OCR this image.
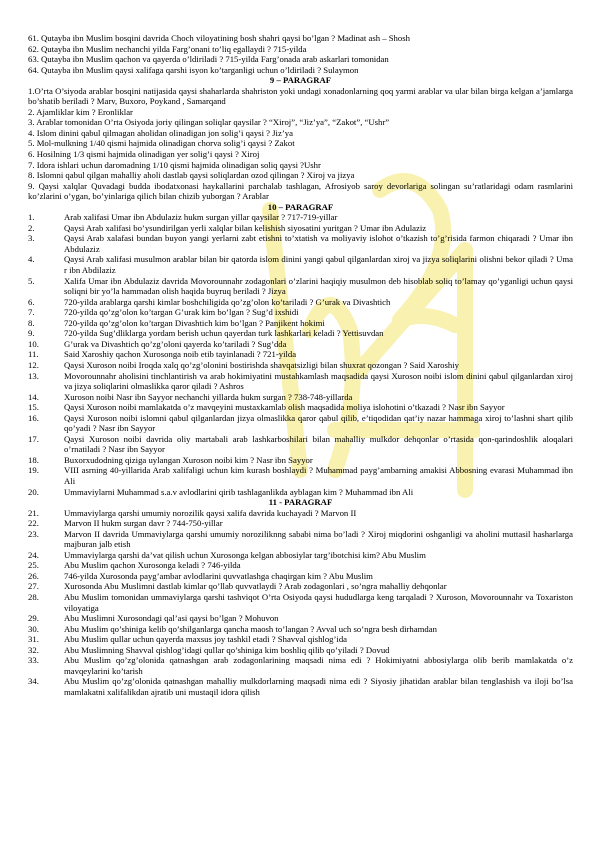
61. Qutayba ibn Muslim bosqini davrida Choch viloyatining bosh shahri qaysi bo’lgan ? Madinat ash – Shosh
62. Qutayba ibn Muslim nechanchi yilda Farg’onani to’liq egallaydi ? 715-yilda
63. Qutayba ibn Muslim qachon va qayerda o’ldiriladi ? 715-yilda Farg’onada arab askarlari tomonidan
64. Qutayba ibn Muslim qaysi xalifaga qarshi isyon ko’targanligi uchun o’ldiriladi ? Sulaymon
9 – PARAGRAF
1.O’rta O’siyoda arablar bosqini natijasida qaysi shaharlarda shahriston yoki undagi xonadonlarning qoq yarmi arablar va ular bilan birga kelgan a’jamlarga bo’shatib beriladi ? Marv, Buxoro, Poykand , Samarqand
2. Ajamliklar kim ? Eronliklar
3. Arablar tomonidan O’rta Osiyoda joriy qilingan soliqlar qaysilar ? “Xiroj”, “Jiz’ya”, “Zakot”, “Ushr”
4. Islom dinini qabul qilmagan aholidan olinadigan jon solig’i qaysi ? Jiz’ya
5. Mol-mulkning 1/40 qismi hajmida olinadigan chorva solig’i qaysi ? Zakot
6. Hosilning 1/3 qismi hajmida olinadigan yer solig’i qaysi ? Xiroj
7. Idora ishlari uchun daromadning 1/10 qismi hajmida olinadigan soliq qaysi ?Ushr
8. Islomni qabul qilgan mahalliy aholi dastlab qaysi soliqlardan ozod qilingan ? Xiroj va jizya
9. Qaysi xalqlar Quvadagi budda ibodatxonasi haykallarini parchalab tashlagan, Afrosiyob saroy devorlariga solingan su’ratlaridagi odam rasmlarini ko’zlarini o’ygan, bo’yinlariga qilich bilan chizib yuborgan ? Arablar
10 – PARAGRAF
1.	Arab xalifasi Umar ibn Abdulaziz hukm surgan yillar qaysilar ? 717-719-yillar
2.	Qaysi Arab xalifasi bo’ysundirilgan yerli xalqlar bilan kelishish siyosatini yuritgan ? Umar ibn Adulaziz
3.	Qaysi Arab xalafasi bundan buyon yangi yerlarni zabt etishni to’xtatish va moliyaviy islohot o’tkazish to’g’risida farmon chiqaradi ? Umar ibn Abdulaziz
4.	Qaysi Arab xalifasi musulmon arablar bilan bir qatorda islom dinini yangi qabul qilganlardan xiroj va jizya soliqlarini olishni bekor qiladi ? Uma r ibn Abdilaziz
5.	Xalifa Umar ibn Abdulaziz davrida Movorounnahr zodagonlari o’zlarini haqiqiy musulmon deb hisoblab soliq to’lamay qo’yganligi uchun qaysi soliqni bir yo’la hammadan olish haqida buyruq beriladi ? Jizya
6.	720-yilda arablarga qarshi kimlar boshchiligida qo’zg’olon ko’tariladi ? G’urak va Divashtich
7.	720-yilda qo’zg’olon ko’targan G’urak kim bo’lgan ? Sug’d ixshidi
8.	720-yilda qo’zg’olon ko’targan Divashtich kim bo’lgan ? Panjikent hokimi
9.	720-yilda Sug’dliklarga yordam berish uchun qayerdan turk lashkarlari keladi ? Yettisuvdan
10.	G’urak va Divashtich qo’zg’oloni qayerda ko’tariladi ? Sug’dda
11.	Said Xaroshiy qachon Xurosonga noib etib tayinlanadi ? 721-yilda
12.	Qaysi Xuroson noibi Iroqda xalq qo’zg’olonini bostirishda shavqatsizligi bilan shuxrat qozongan ? Said Xaroshiy
13.	Movorounnahr aholisini tinchlantirish va arab hokimiyatini mustahkamlash maqsadida qaysi Xuroson noibi islom dinini qabul qilganlardan xiroj va jizya soliqlarini olmaslikka qaror qiladi ? Ashros
14.	Xuroson noibi Nasr ibn Sayyor nechanchi yillarda hukm surgan ? 738-748-yillarda
15.	Qaysi Xuroson noibi mamlakatda o’z mavqeyini mustaxkamlab olish maqsadida moliya islohotini o’tkazadi ? Nasr ibn Sayyor
16.	Qaysi Xuroson noibi islomni qabul qilganlardan jizya olmaslikka qaror qabul qilib, e’tiqodidan qat’iy nazar hammaga xiroj to’lashni shart qilib qo’yadi ? Nasr ibn Sayyor
17.	Qaysi Xuroson noibi davrida oliy martabali arab lashkarboshilari bilan mahalliy mulkdor dehqonlar o’rtasida qon-qarindoshlik aloqalari o’rnatiladi ? Nasr ibn Sayyor
18.	Buxorxudodning qiziga uylangan Xuroson noibi kim ? Nasr ibn Sayyor
19.	VIII asrning 40-yillarida Arab xalifaligi uchun kim kurash boshlaydi ? Muhammad payg’ambarning amakisi Abbosning evarasi Muhammad ibn Ali
20.	Ummaviylarni Muhammad s.a.v avlodlarini qirib tashlaganlikda ayblagan kim ? Muhammad ibn Ali
11 - PARAGRAF
21.	Ummaviylarga qarshi umumiy norozilik qaysi xalifa davrida kuchayadi ? Marvon II
22.	Marvon II hukm surgan davr ? 744-750-yillar
23.	Marvon II davrida Ummaviylarga qarshi umumiy noroziliknng sababi nima bo’ladi ? Xiroj miqdorini oshganligi va aholini muttasil hasharlarga majburan jalb etish
24.	Ummaviylarga qarshi da’vat qilish uchun Xurosonga kelgan abbosiylar targ’ibotchisi kim? Abu Muslim
25.	Abu Muslim qachon Xurosonga keladi ? 746-yilda
26.	746-yilda Xurosonda payg’ambar avlodlarini quvvatlashga chaqirgan kim ? Abu Muslim
27.	Xurosonda Abu Muslimni dastlab kimlar qo’llab quvvatlaydi ? Arab zodagonlari , so’ngra mahalliy dehqonlar
28.	Abu Muslim tomonidan ummaviylarga qarshi tashviqot O’rta Osiyoda qaysi hududlarga keng tarqaladi ? Xuroson, Movorounnahr va Toxariston viloyatiga
29.	Abu Muslimni Xurosondagi qal’asi qaysi bo’lgan ? Mohuvon
30.	Abu Muslim qo’shiniga kelib qo’shilganlarga qancha maosh to’langan ? Avval uch so’ngra besh dirhamdan
31.	Abu Muslim qullar uchun qayerda maxsus joy tashkil etadi ? Shavval qishlog’ida
32.	Abu Muslimning Shavval qishlog’idagi qullar qo’shiniga kim boshliq qilib qo’yiladi ? Dovud
33.	Abu Muslim qo’zg’olonida qatnashgan arab zodagonlarining maqsadi nima edi ? Hokimiyatni abbosiylarga olib berib mamlakatda o’z mavqeylarini ko’tarish
34.	Abu Muslim qo’zg’olonida qatnashgan mahalliy mulkdorlarning maqsadi nima edi ? Siyosiy jihatidan arablar bilan tenglashish va iloji bo’lsa mamlakatni xalifalikdan ajratib uni mustaqil idora qilish
